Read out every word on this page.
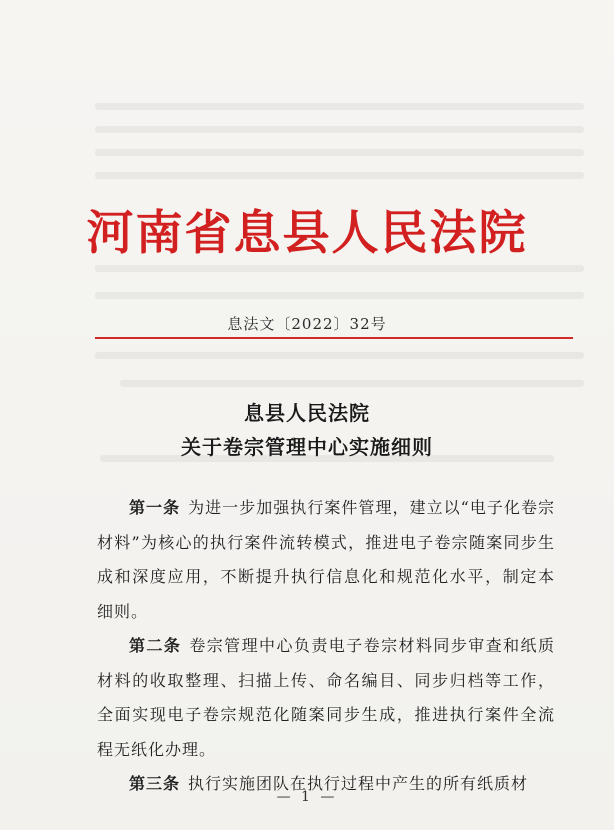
河南省息县人民法院
息法文〔2022〕32号
息县人民法院
关于卷宗管理中心实施细则

第一条 为进一步加强执行案件管理，建立以“电子化卷宗材料”为核心的执行案件流转模式，推进电子卷宗随案同步生成和深度应用，不断提升执行信息化和规范化水平，制定本细则。

第二条 卷宗管理中心负责电子卷宗材料同步审查和纸质材料的收取整理、扫描上传、命名编目、同步归档等工作，全面实现电子卷宗规范化随案同步生成，推进执行案件全流程无纸化办理。

第三条 执行实施团队在执行过程中产生的所有纸质材

— 1 —
